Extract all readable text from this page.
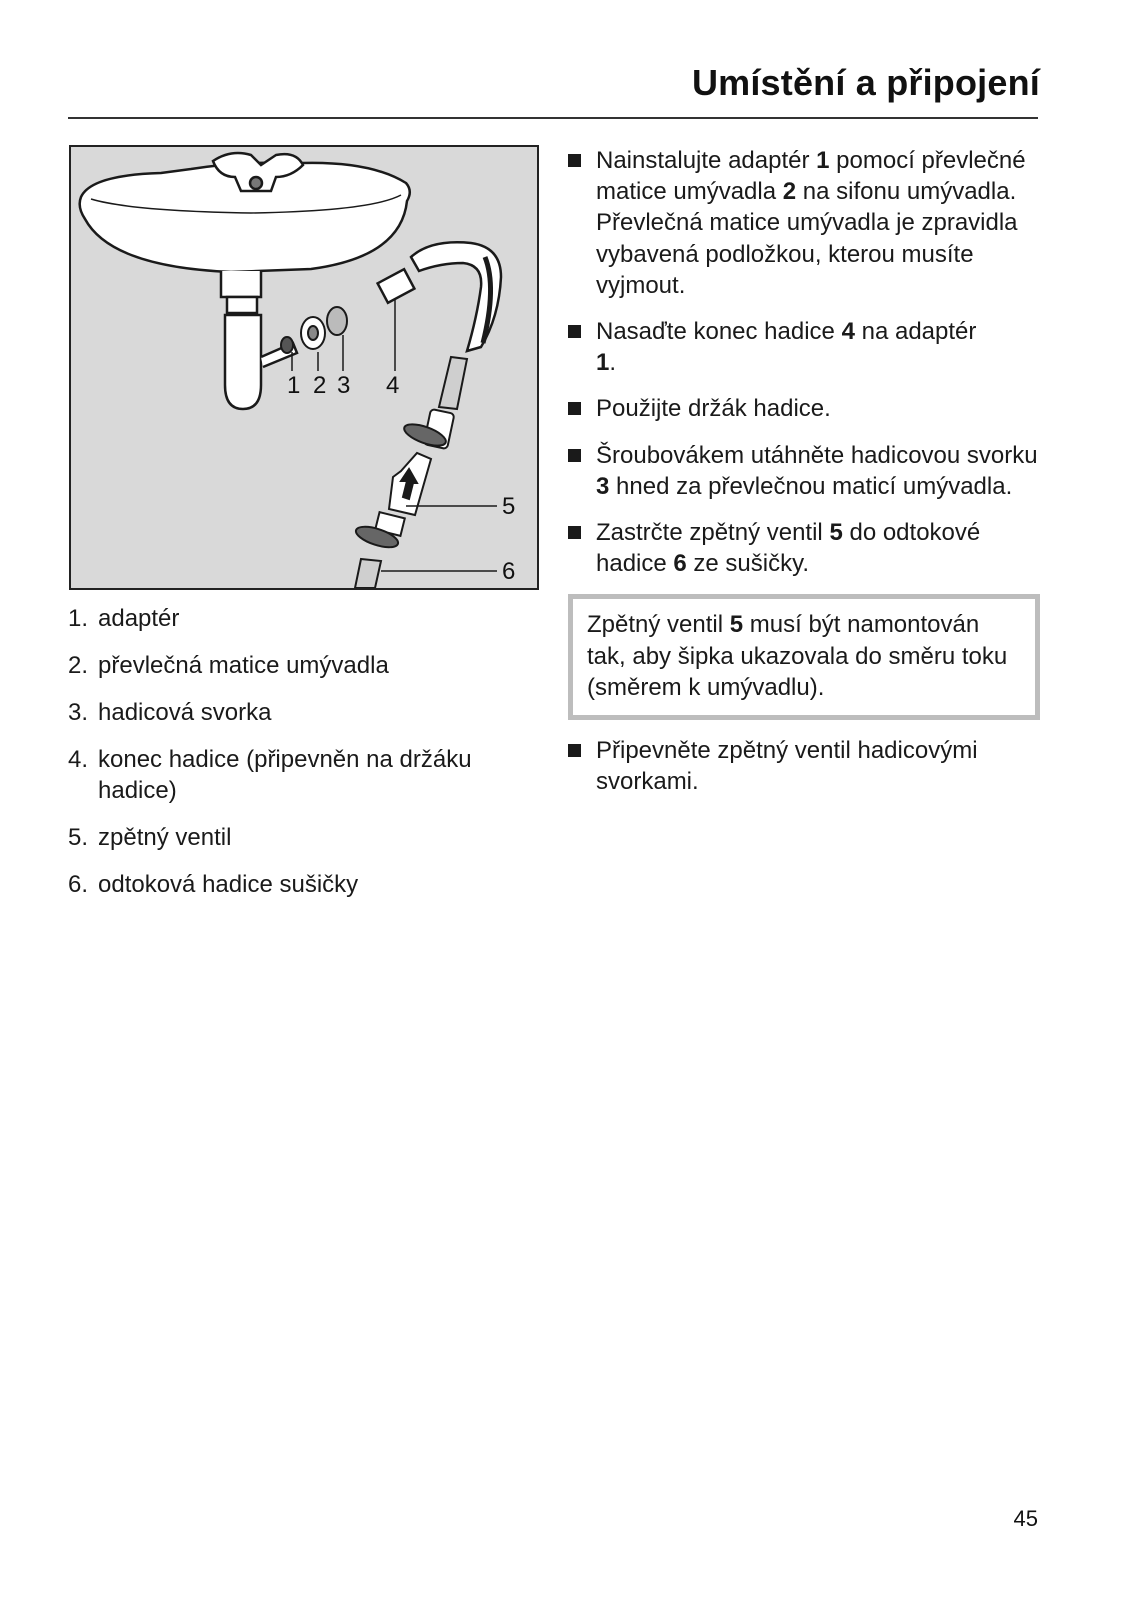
Umístění a připojení
1 2 3 4
5
6
1. adaptér
2. převlečná matice umývadla
3. hadicová svorka
4. konec hadice (připevněn na držáku hadice)
5. zpětný ventil
6. odtoková hadice sušičky
Nainstalujte adaptér 1 pomocí převlečné matice umývadla 2 na sifonu umývadla.
Převlečná matice umývadla je zpravidla vybavená podložkou, kterou musíte vyjmout.
Nasaďte konec hadice 4 na adaptér
1.
Použijte držák hadice.
Šroubovákem utáhněte hadicovou svorku 3 hned za převlečnou maticí umývadla.
Zastrčte zpětný ventil 5 do odtokové hadice 6 ze sušičky.
Zpětný ventil 5 musí být namontován tak, aby šipka ukazovala do směru toku (směrem k umývadlu).
Připevněte zpětný ventil hadicovými svorkami.
45
